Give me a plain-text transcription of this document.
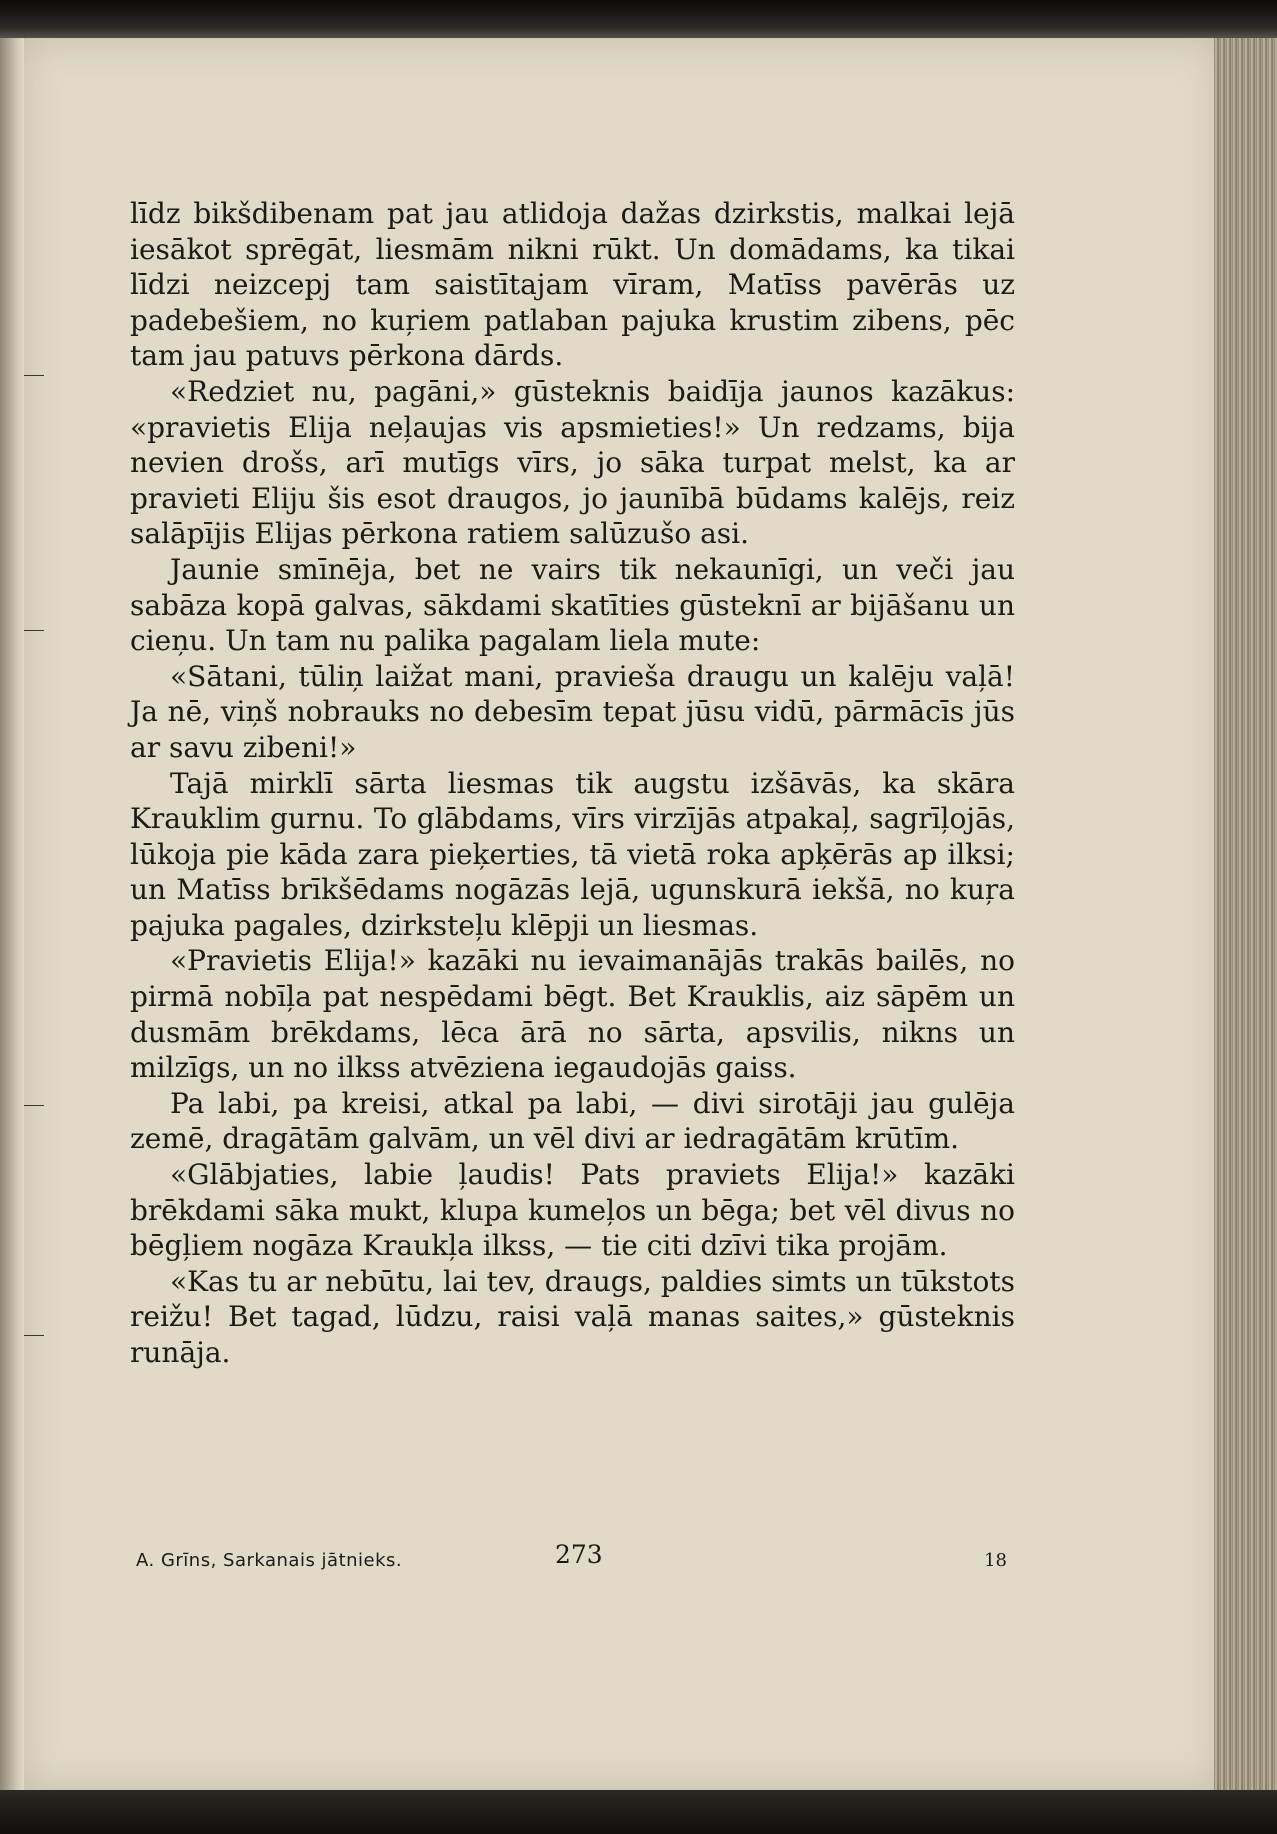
līdz bikšdibenam pat jau atlidoja dažas dzirkstis, malkai lejā iesākot sprēgāt, liesmām nikni rūkt. Un domādams, ka tikai līdzi neizcepj tam saistītajam vīram, Matīss pavērās uz padebešiem, no kuŗiem patlaban pajuka krustim zibens, pēc tam jau patuvs pērkona dārds.

«Redziet nu, pagāni,» gūsteknis baidīja jaunos kazākus: «pravietis Elija neļaujas vis apsmieties!» Un redzams, bija nevien drošs, arī mutīgs vīrs, jo sāka turpat melst, ka ar pravieti Eliju šis esot draugos, jo jaunībā būdams kalējs, reiz salāpījis Elijas pērkona ratiem salūzušo asi.

Jaunie smīnēja, bet ne vairs tik nekaunīgi, un veči jau sabāza kopā galvas, sākdami skatīties gūsteknī ar bijāšanu un cieņu. Un tam nu palika pagalam liela mute:

«Sātani, tūliņ laižat mani, pravieša draugu un kalēju vaļā! Ja nē, viņš nobrauks no debesīm tepat jūsu vidū, pārmācīs jūs ar savu zibeni!»

Tajā mirklī sārta liesmas tik augstu izšāvās, ka skāra Krauklim gurnu. To glābdams, vīrs virzījās atpakaļ, sagrīļojās, lūkoja pie kāda zara pieķerties, tā vietā roka apķērās ap ilksi; un Matīss brīkšēdams nogāzās lejā, ugunskurā iekšā, no kuŗa pajuka pagales, dzirksteļu klēpji un liesmas.

«Pravietis Elija!» kazāki nu ievaimanājās trakās bailēs, no pirmā nobīļa pat nespēdami bēgt. Bet Krauklis, aiz sāpēm un dusmām brēkdams, lēca ārā no sārta, apsvilis, nikns un milzīgs, un no ilkss atvēziena iegaudojās gaiss.

Pa labi, pa kreisi, atkal pa labi, — divi sirotāji jau gulēja zemē, dragātām galvām, un vēl divi ar iedragātām krūtīm.

«Glābjaties, labie ļaudis! Pats praviets Elija!» kazāki brēkdami sāka mukt, klupa kumeļos un bēga; bet vēl divus no bēgļiem nogāza Kraukļa ilkss, — tie citi dzīvi tika projām.

«Kas tu ar nebūtu, lai tev, draugs, paldies simts un tūkstots reižu! Bet tagad, lūdzu, raisi vaļā manas saites,» gūsteknis runāja.

A. Grīns, Sarkanais jātnieks.	273	18
